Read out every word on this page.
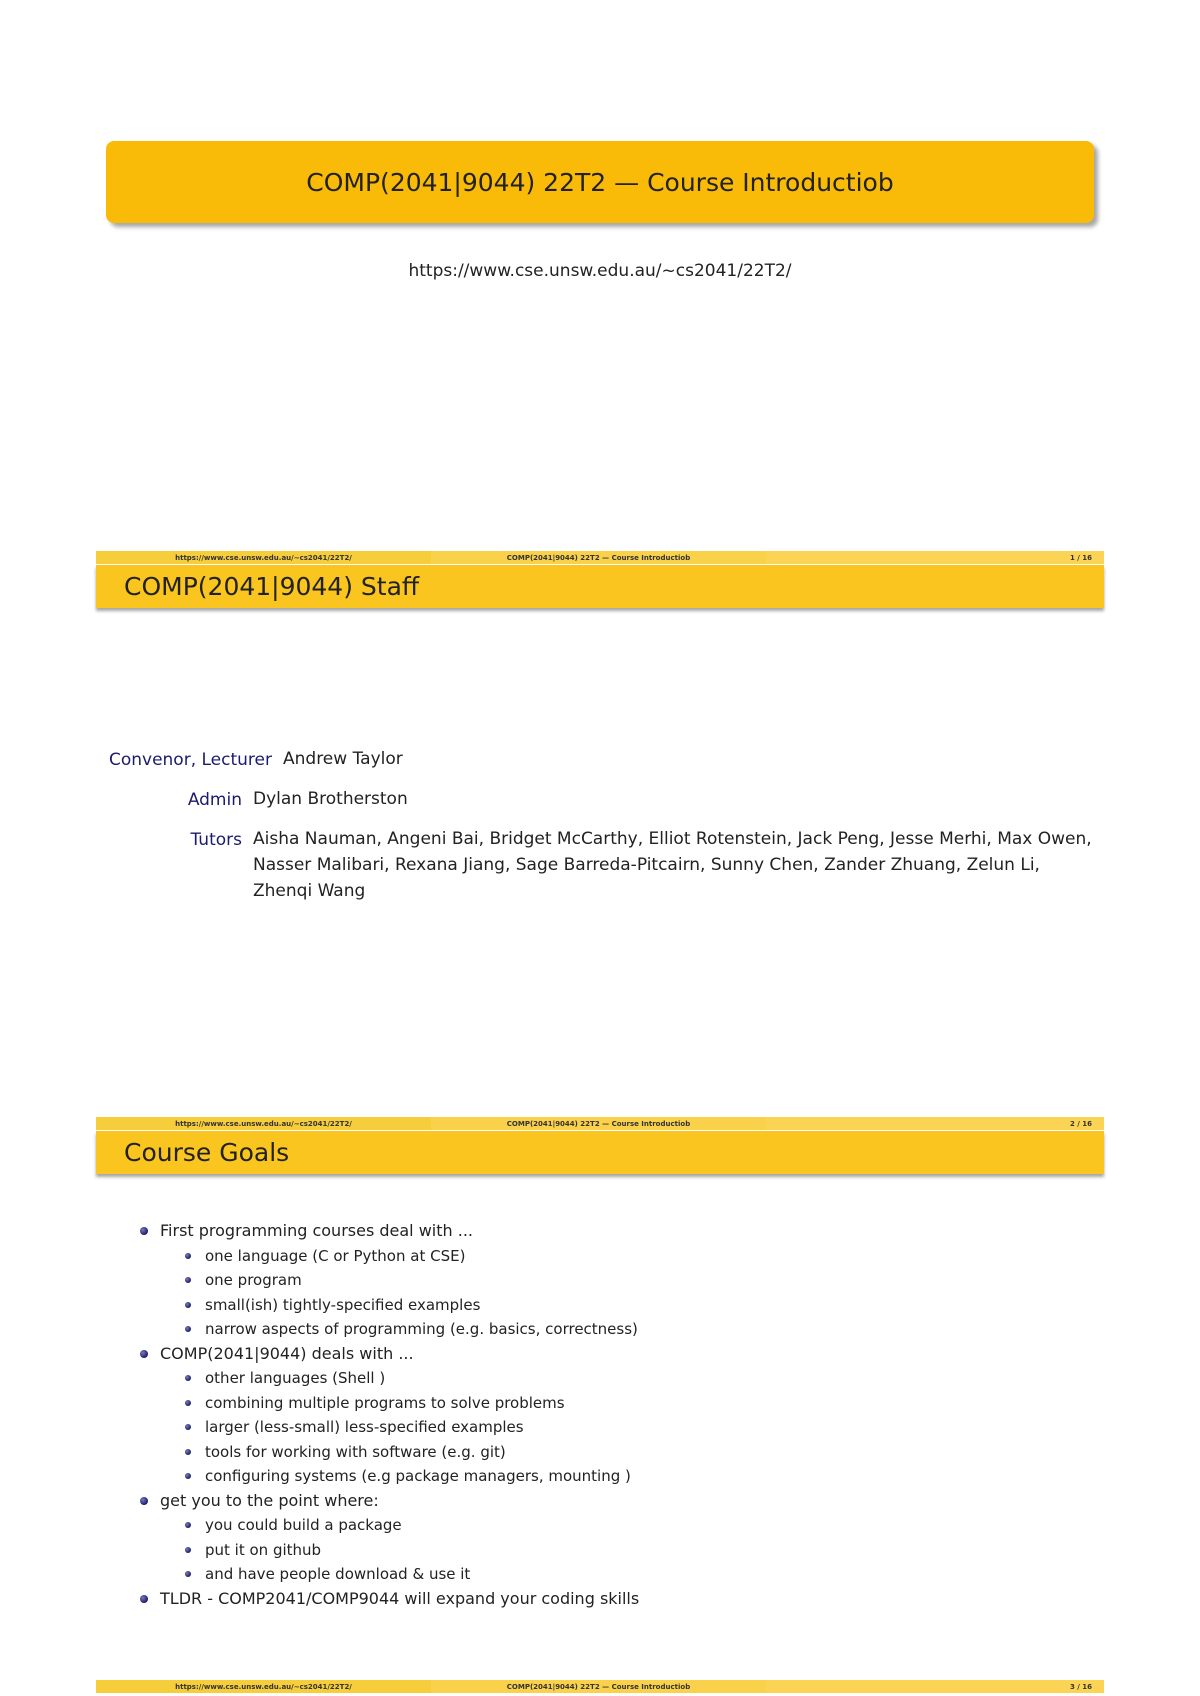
COMP(2041|9044) 22T2 — Course Introductiob
https://www.cse.unsw.edu.au/~cs2041/22T2/
https://www.cse.unsw.edu.au/~cs2041/22T2/	COMP(2041|9044) 22T2 — Course Introductiob	1 / 16
COMP(2041|9044) Staff
Convenor, Lecturer Andrew Taylor
Admin Dylan Brotherston
Tutors Aisha Nauman, Angeni Bai, Bridget McCarthy, Elliot Rotenstein, Jack Peng, Jesse Merhi, Max Owen, Nasser Malibari, Rexana Jiang, Sage Barreda-Pitcairn, Sunny Chen, Zander Zhuang, Zelun Li, Zhenqi Wang
https://www.cse.unsw.edu.au/~cs2041/22T2/	COMP(2041|9044) 22T2 — Course Introductiob	2 / 16
Course Goals
First programming courses deal with ...
one language (C or Python at CSE)
one program
small(ish) tightly-specified examples
narrow aspects of programming (e.g. basics, correctness)
COMP(2041|9044) deals with ...
other languages (Shell )
combining multiple programs to solve problems
larger (less-small) less-specified examples
tools for working with software (e.g. git)
configuring systems (e.g package managers, mounting )
get you to the point where:
you could build a package
put it on github
and have people download & use it
TLDR - COMP2041/COMP9044 will expand your coding skills
https://www.cse.unsw.edu.au/~cs2041/22T2/	COMP(2041|9044) 22T2 — Course Introductiob	3 / 16
